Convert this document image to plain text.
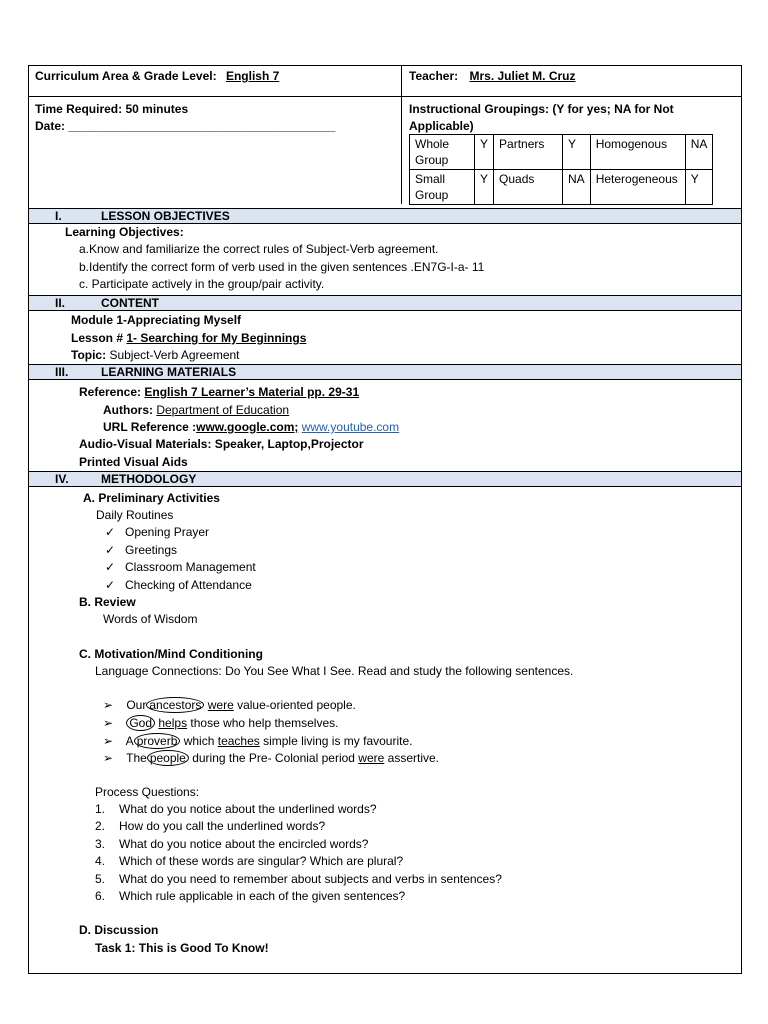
Curriculum Area & Grade Level: English 7	Teacher: Mrs. Juliet M. Cruz
Time Required: 50 minutes
Date: ________________________________________
Instructional Groupings: (Y for yes; NA for Not
Applicable)
Whole
Group	Y	Partners	Y	Homogenous	NA
Small
Group	Y	Quads	NA	Heterogeneous	Y
I.	LESSON OBJECTIVES
Learning Objectives:
a.Know and familiarize the correct rules of Subject-Verb agreement.
b.Identify the correct form of verb used in the given sentences .EN7G-I-a- 11
c. Participate actively in the group/pair activity.
II.	CONTENT
Module 1-Appreciating Myself
Lesson # 1- Searching for My Beginnings
Topic: Subject-Verb Agreement
III.	LEARNING MATERIALS
Reference: English 7 Learner’s Material pp. 29-31
Authors: Department of Education
URL Reference :www.google.com; www.youtube.com
Audio-Visual Materials: Speaker, Laptop,Projector
Printed Visual Aids
IV.	METHODOLOGY
A. Preliminary Activities
Daily Routines
✓ Opening Prayer
✓ Greetings
✓ Classroom Management
✓ Checking of Attendance
B. Review
Words of Wisdom
C. Motivation/Mind Conditioning
Language Connections: Do You See What I See. Read and study the following sentences.
➢ Our ancestors were value-oriented people.
➢ God helps those who help themselves.
➢ A proverb which teaches simple living is my favourite.
➢ The people during the Pre- Colonial period were assertive.
Process Questions:
1. What do you notice about the underlined words?
2. How do you call the underlined words?
3. What do you notice about the encircled words?
4. Which of these words are singular? Which are plural?
5. What do you need to remember about subjects and verbs in sentences?
6. Which rule applicable in each of the given sentences?
D. Discussion
Task 1: This is Good To Know!
